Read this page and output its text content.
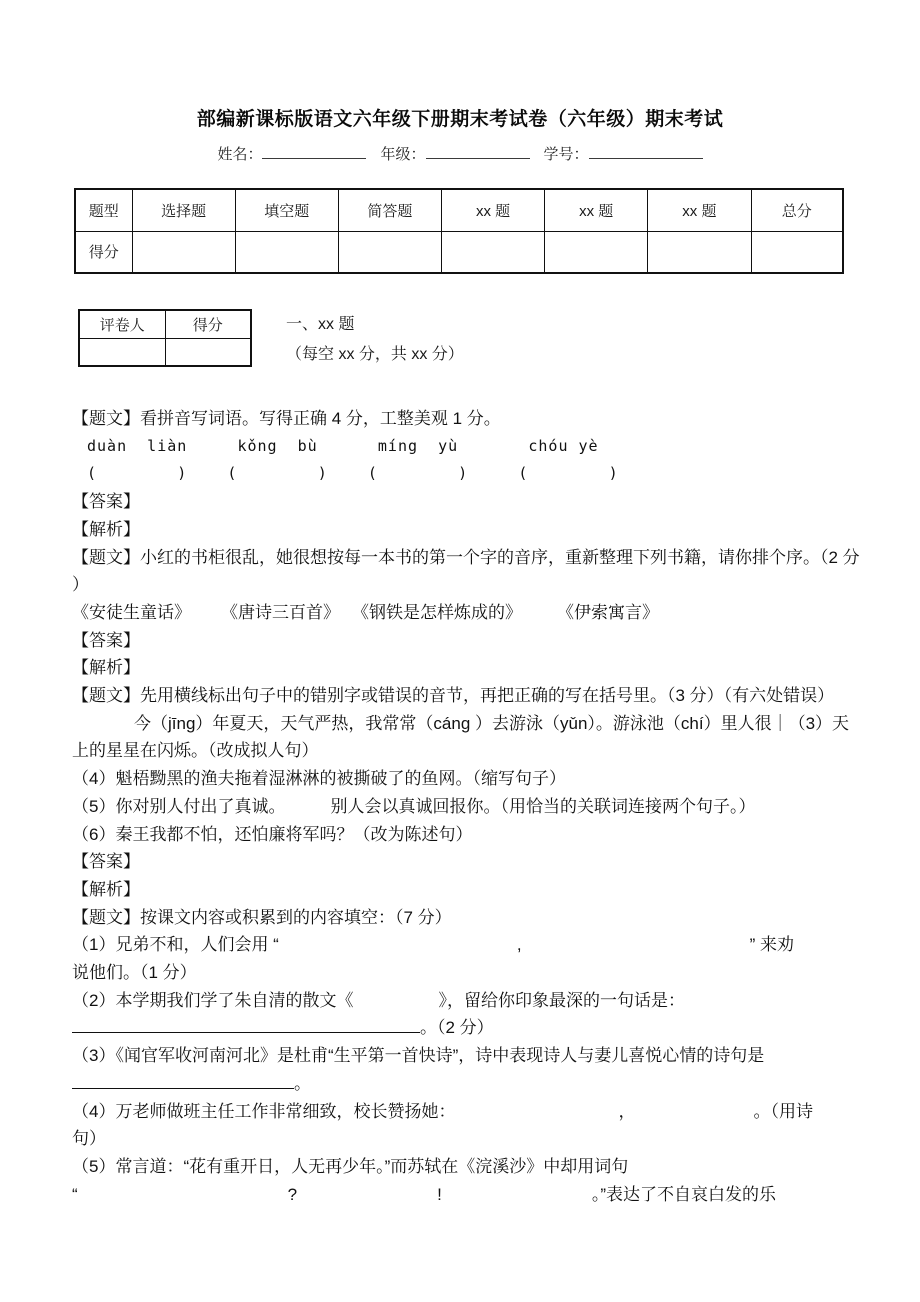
部编新课标版语文六年级下册期末考试卷（六年级）期末考试
姓名：	年级：	学号：
题型	选择题	填空题	简答题	xx 题	xx 题	xx 题	总分
得分							
评卷人	得分
		一、xx 题
（每空 xx 分，共 xx 分）
【题文】看拼音写词语。写得正确 4 分，工整美观 1 分。
duàn  liàn     kǒng  bù      míng  yù       chóu yè
(        )    (        )    (        )     (        )
【答案】
【解析】
【题文】小红的书柜很乱，她很想按每一本书的第一个字的音序，重新整理下列书籍，请你排个序。（2 分
）
《安徒生童话》 《唐诗三百首》 《钢铁是怎样炼成的》 《伊索寓言》
【答案】
【解析】
【题文】先用横线标出句子中的错别字或错误的音节，再把正确的写在括号里。（3 分）（有六处错误）
今（jīng）年夏天，天气严热，我常常（cáng ）去游泳（yǔn）。游泳池（chí）里人很｜（3）天
上的星星在闪烁。（改成拟人句）
（4）魁梧黝黑的渔夫拖着湿淋淋的被撕破了的鱼网。（缩写句子）
（5）你对别人付出了真诚。	别人会以真诚回报你。（用恰当的关联词连接两个句子。）
（6）秦王我都不怕，还怕廉将军吗？（改为陈述句）
【答案】
【解析】
【题文】按课文内容或积累到的内容填空：（7 分）
（1）兄弟不和，人们会用 “	,	” 来劝
说他们。（1 分）
（2）本学期我们学了朱自清的散文《	》，留给你印象最深的一句话是：
。（2 分）
（3）《闻官军收河南河北》是杜甫“生平第一首快诗”，诗中表现诗人与妻儿喜悦心情的诗句是
。
（4）万老师做班主任工作非常细致，校长赞扬她：	，	。（用诗
句）
（5）常言道：“花有重开日，人无再少年。”而苏轼在《浣溪沙》中却用词句
“	?	!	。”表达了不自哀白发的乐
